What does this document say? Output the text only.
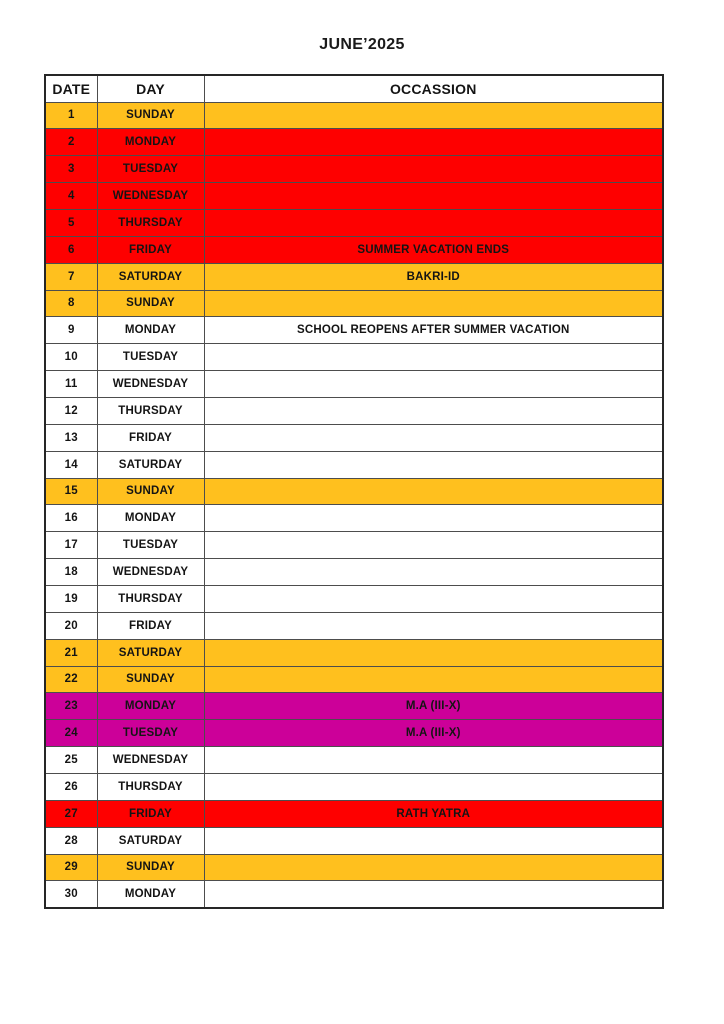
JUNE’2025
DATE	DAY	OCCASSION
1	SUNDAY	
2	MONDAY	
3	TUESDAY	
4	WEDNESDAY	
5	THURSDAY	
6	FRIDAY	SUMMER VACATION ENDS
7	SATURDAY	BAKRI-ID
8	SUNDAY	
9	MONDAY	SCHOOL REOPENS AFTER SUMMER VACATION
10	TUESDAY	
11	WEDNESDAY	
12	THURSDAY	
13	FRIDAY	
14	SATURDAY	
15	SUNDAY	
16	MONDAY	
17	TUESDAY	
18	WEDNESDAY	
19	THURSDAY	
20	FRIDAY	
21	SATURDAY	
22	SUNDAY	
23	MONDAY	M.A (III-X)
24	TUESDAY	M.A (III-X)
25	WEDNESDAY	
26	THURSDAY	
27	FRIDAY	RATH YATRA
28	SATURDAY	
29	SUNDAY	
30	MONDAY	
